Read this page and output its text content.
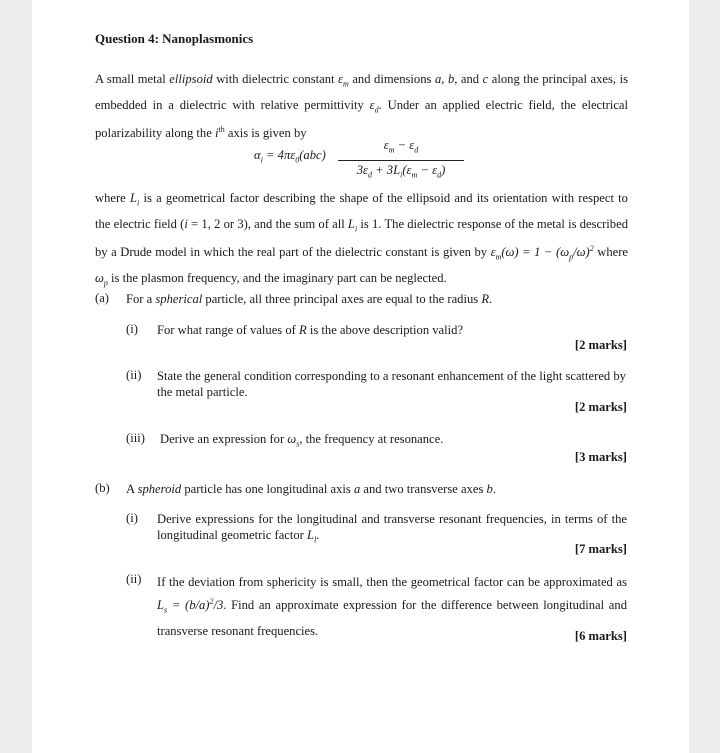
Question 4: Nanoplasmonics
A small metal ellipsoid with dielectric constant $\varepsilon_m$ and dimensions a, b, and c along the principal axes, is embedded in a dielectric with relative permittivity $\varepsilon_d$. Under an applied electric field, the electrical polarizability along the $i^{th}$ axis is given by
$\alpha_i = 4\pi\varepsilon_0(abc)$
$\varepsilon_m - \varepsilon_d$
$3\varepsilon_d + 3L_i(\varepsilon_m - \varepsilon_d)$
where $L_i$ is a geometrical factor describing the shape of the ellipsoid and its orientation with respect to the electric field (i = 1, 2 or 3), and the sum of all $L_i$ is 1. The dielectric response of the metal is described by a Drude model in which the real part of the dielectric constant is given by $\varepsilon_m(\omega) = 1 - (\omega_p/\omega)^2$ where $\omega_p$ is the plasmon frequency, and the imaginary part can be neglected.
(a) For a spherical particle, all three principal axes are equal to the radius R.
(i) For what range of values of R is the above description valid?
[2 marks]
(ii) State the general condition corresponding to a resonant enhancement of the light scattered by the metal particle.
[2 marks]
(iii) Derive an expression for $\omega_s$, the frequency at resonance.
[3 marks]
(b) A spheroid particle has one longitudinal axis a and two transverse axes b.
(i) Derive expressions for the longitudinal and transverse resonant frequencies, in terms of the longitudinal geometric factor $L_l$.
[7 marks]
(ii) If the deviation from sphericity is small, then the geometrical factor can be approximated as $L_s = (b/a)^2/3$. Find an approximate expression for the difference between longitudinal and transverse resonant frequencies.	[6 marks]
